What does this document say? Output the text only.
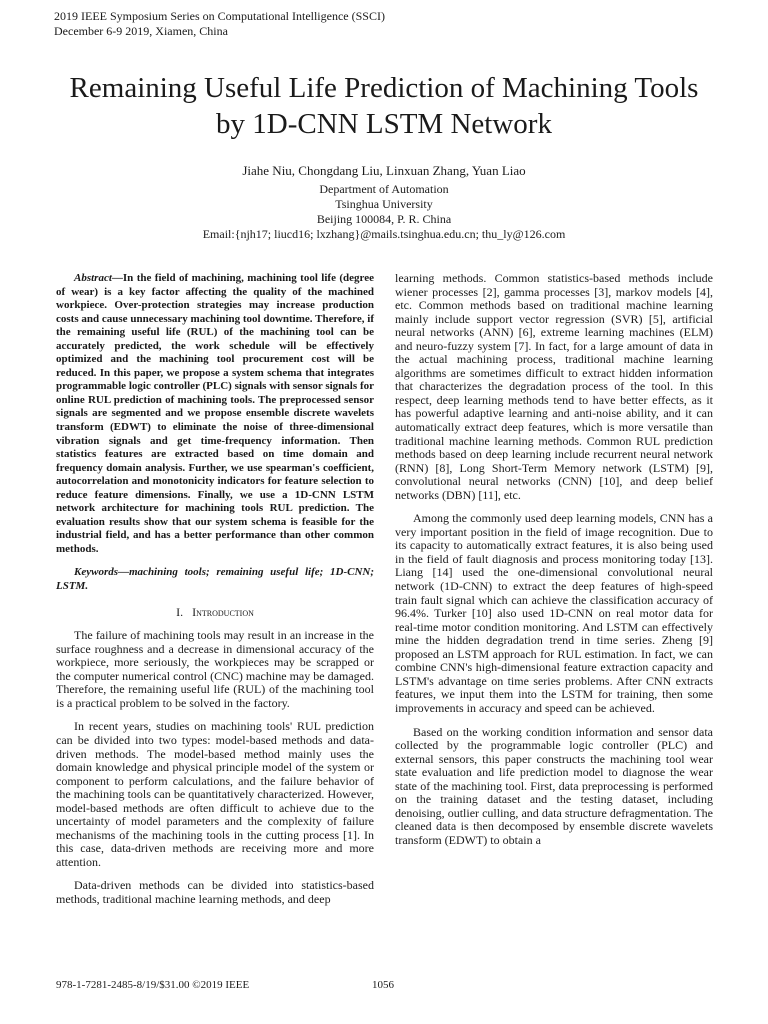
2019 IEEE Symposium Series on Computational Intelligence (SSCI)
December 6-9 2019, Xiamen, China
Remaining Useful Life Prediction of Machining Tools
by 1D-CNN LSTM Network
Jiahe Niu, Chongdang Liu, Linxuan Zhang, Yuan Liao
Department of Automation
Tsinghua University
Beijing 100084, P. R. China
Email:{njh17; liucd16; lxzhang}@mails.tsinghua.edu.cn; thu_ly@126.com

Abstract—In the field of machining, machining tool life (degree of wear) is a key factor affecting the quality of the machined workpiece. Over-protection strategies may increase production costs and cause unnecessary machining tool downtime. Therefore, if the remaining useful life (RUL) of the machining tool can be accurately predicted, the work schedule will be effectively optimized and the machining tool procurement cost will be reduced. In this paper, we propose a system schema that integrates programmable logic controller (PLC) signals with sensor signals for online RUL prediction of machining tools. The preprocessed sensor signals are segmented and we propose ensemble discrete wavelets transform (EDWT) to eliminate the noise of three-dimensional vibration signals and get time-frequency information. Then statistics features are extracted based on time domain and frequency domain analysis. Further, we use spearman's coefficient, autocorrelation and monotonicity indicators for feature selection to reduce feature dimensions. Finally, we use a 1D-CNN LSTM network architecture for machining tools RUL prediction. The evaluation results show that our system schema is feasible for the industrial field, and has a better performance than other common methods.

Keywords—machining tools; remaining useful life; 1D-CNN; LSTM.

I. Introduction

The failure of machining tools may result in an increase in the surface roughness and a decrease in dimensional accuracy of the workpiece, more seriously, the workpieces may be scrapped or the computer numerical control (CNC) machine may be damaged. Therefore, the remaining useful life (RUL) of the machining tool is a practical problem to be solved in the factory.

In recent years, studies on machining tools' RUL prediction can be divided into two types: model-based methods and data-driven methods. The model-based method mainly uses the domain knowledge and physical principle model of the system or component to perform calculations, and the failure behavior of the machining tools can be quantitatively characterized. However, model-based methods are often difficult to achieve due to the uncertainty of model parameters and the complexity of failure mechanisms of the machining tools in the cutting process [1]. In this case, data-driven methods are receiving more and more attention.

Data-driven methods can be divided into statistics-based methods, traditional machine learning methods, and deep

learning methods. Common statistics-based methods include wiener processes [2], gamma processes [3], markov models [4], etc. Common methods based on traditional machine learning mainly include support vector regression (SVR) [5], artificial neural networks (ANN) [6], extreme learning machines (ELM) and neuro-fuzzy system [7]. In fact, for a large amount of data in the actual machining process, traditional machine learning algorithms are sometimes difficult to extract hidden information that characterizes the degradation process of the tool. In this respect, deep learning methods tend to have better effects, as it has powerful adaptive learning and anti-noise ability, and it can automatically extract deep features, which is more versatile than traditional machine learning methods. Common RUL prediction methods based on deep learning include recurrent neural network (RNN) [8], Long Short-Term Memory network (LSTM) [9], convolutional neural networks (CNN) [10], and deep belief networks (DBN) [11], etc.

Among the commonly used deep learning models, CNN has a very important position in the field of image recognition. Due to its capacity to automatically extract features, it is also being used in the field of fault diagnosis and process monitoring today [13]. Liang [14] used the one-dimensional convolutional neural network (1D-CNN) to extract the deep features of high-speed train fault signal which can achieve the classification accuracy of 96.4%. Turker [10] also used 1D-CNN on real motor data for real-time motor condition monitoring. And LSTM can effectively mine the hidden degradation trend in time series. Zheng [9] proposed an LSTM approach for RUL estimation. In fact, we can combine CNN's high-dimensional feature extraction capacity and LSTM's advantage on time series problems. After CNN extracts features, we input them into the LSTM for training, then some improvements in accuracy and speed can be achieved.

Based on the working condition information and sensor data collected by the programmable logic controller (PLC) and external sensors, this paper constructs the machining tool wear state evaluation and life prediction model to diagnose the wear state of the machining tool. First, data preprocessing is performed on the training dataset and the testing dataset, including denoising, outlier culling, and data structure defragmentation. The cleaned data is then decomposed by ensemble discrete wavelets transform (EDWT) to obtain a

978-1-7281-2485-8/19/$31.00 ©2019 IEEE	1056
